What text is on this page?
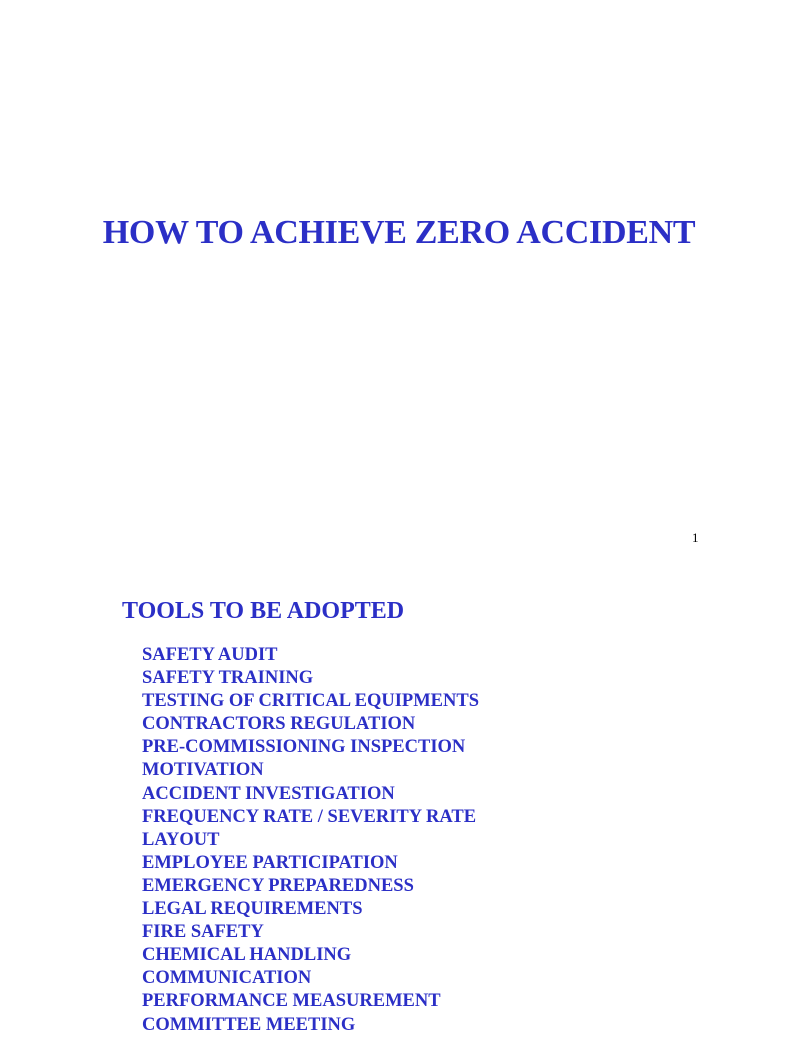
HOW TO ACHIEVE ZERO ACCIDENT
1
TOOLS TO BE ADOPTED
SAFETY AUDIT
SAFETY TRAINING
TESTING OF CRITICAL EQUIPMENTS
CONTRACTORS REGULATION
PRE-COMMISSIONING INSPECTION
MOTIVATION
ACCIDENT INVESTIGATION
FREQUENCY RATE / SEVERITY RATE
LAYOUT
EMPLOYEE PARTICIPATION
EMERGENCY PREPAREDNESS
LEGAL REQUIREMENTS
FIRE SAFETY
CHEMICAL HANDLING
COMMUNICATION
PERFORMANCE MEASUREMENT
COMMITTEE MEETING
